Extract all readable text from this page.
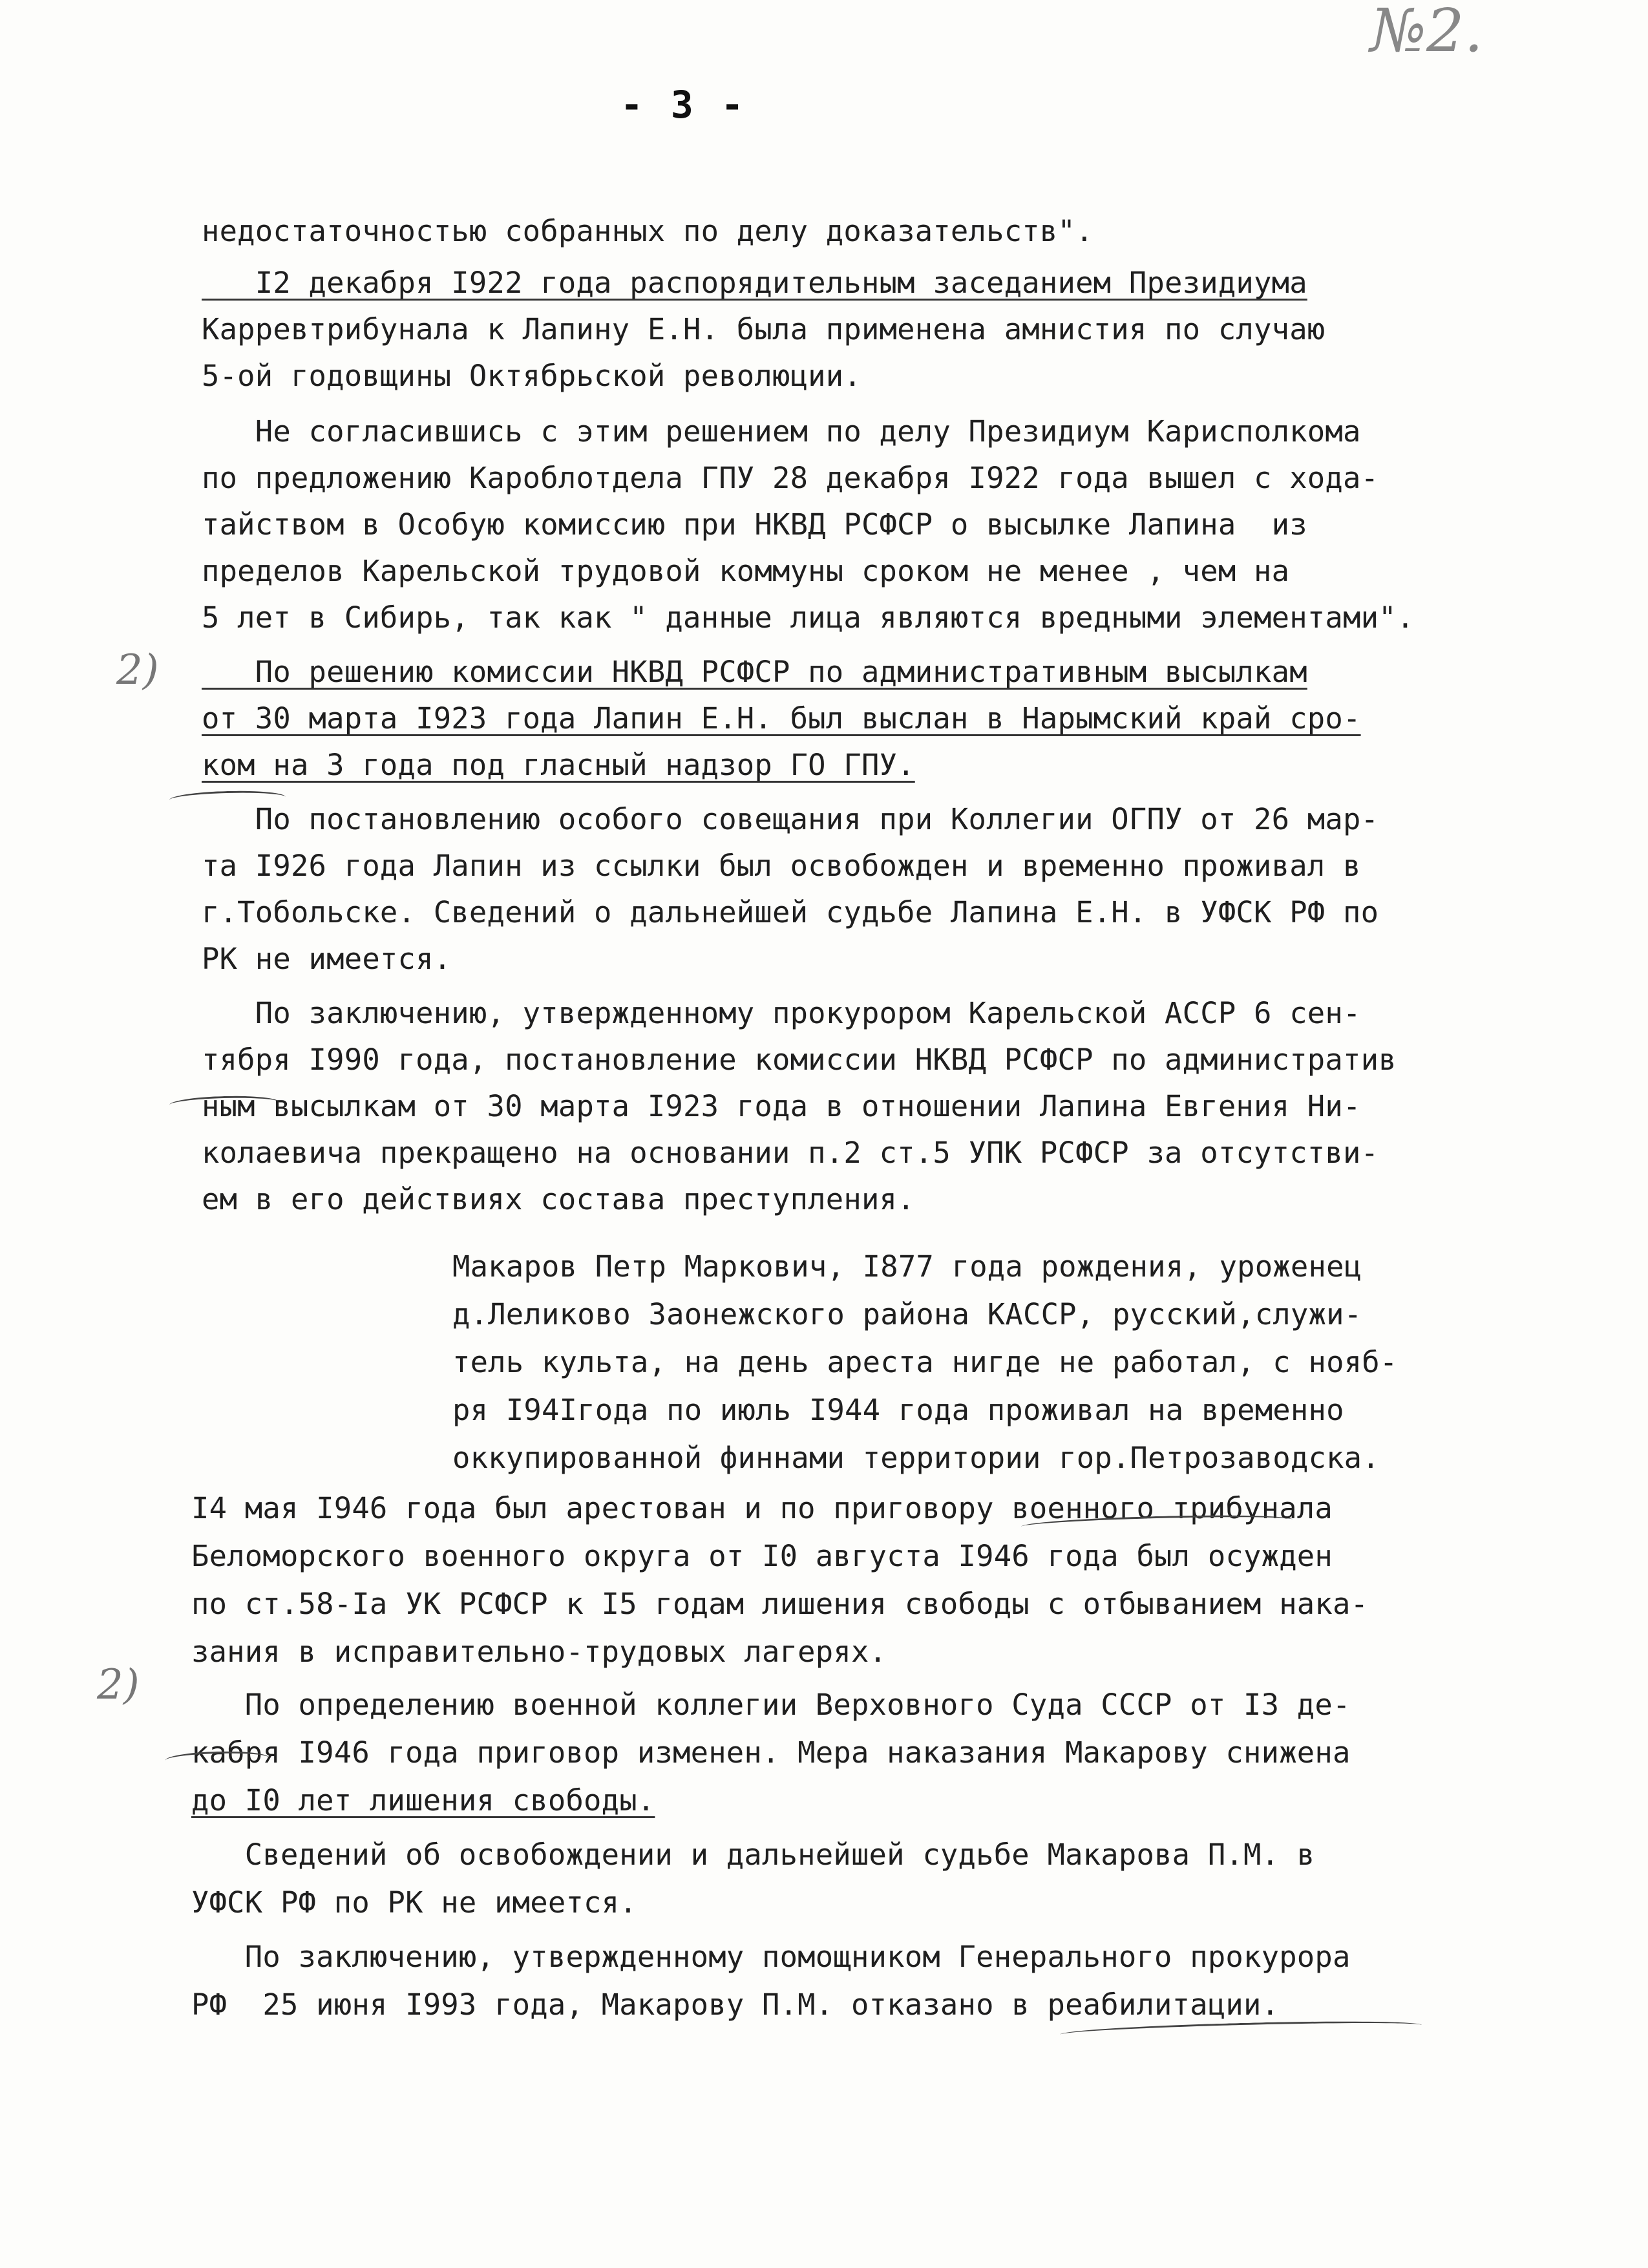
№2.
- 3 -
2)
2)
недостаточностью собранных по делу доказательств".
I2 декабря I922 года распорядительным заседанием Президиума
Карревтрибунала к Лапину Е.Н. была применена амнистия по случаю
5-ой годовщины Октябрьской революции.
Не согласившись с этим решением по делу Президиум Карисполкома
по предложению Кароблотдела ГПУ 28 декабря I922 года вышел с хода-
тайством в Особую комиссию при НКВД РСФСР о высылке Лапина  из
пределов Карельской трудовой коммуны сроком не менее , чем на
5 лет в Сибирь, так как " данные лица являются вредными элементами".
По решению комиссии НКВД РСФСР по административным высылкам
от 30 марта I923 года Лапин Е.Н. был выслан в Нарымский край сро-
ком на 3 года под гласный надзор ГО ГПУ.
По постановлению особого совещания при Коллегии ОГПУ от 26 мар-
та I926 года Лапин из ссылки был освобожден и временно проживал в
г.Тобольске. Сведений о дальнейшей судьбе Лапина Е.Н. в УФСК РФ по
РК не имеется.
По заключению, утвержденному прокурором Карельской АССР 6 сен-
тября I990 года, постановление комиссии НКВД РСФСР по административ
ным высылкам от 30 марта I923 года в отношении Лапина Евгения Ни-
колаевича прекращено на основании п.2 ст.5 УПК РСФСР за отсутстви-
ем в его действиях состава преступления.
Макаров Петр Маркович, I877 года рождения, уроженец
д.Леликово Заонежского района КАССР, русский,служи-
тель культа, на день ареста нигде не работал, с нояб-
ря I94Iгода по июль I944 года проживал на временно
оккупированной финнами территории гор.Петрозаводска.
I4 мая I946 года был арестован и по приговору военного трибунала
Беломорского военного округа от I0 августа I946 года был осужден
по ст.58-Iа УК РСФСР к I5 годам лишения свободы с отбыванием нака-
зания в исправительно-трудовых лагерях.
По определению военной коллегии Верховного Суда СССР от I3 де-
кабря I946 года приговор изменен. Мера наказания Макарову снижена
до I0 лет лишения свободы.
Сведений об освобождении и дальнейшей судьбе Макарова П.М. в
УФСК РФ по РК не имеется.
По заключению, утвержденному помощником Генерального прокурора
РФ  25 июня I993 года, Макарову П.М. отказано в реабилитации.
